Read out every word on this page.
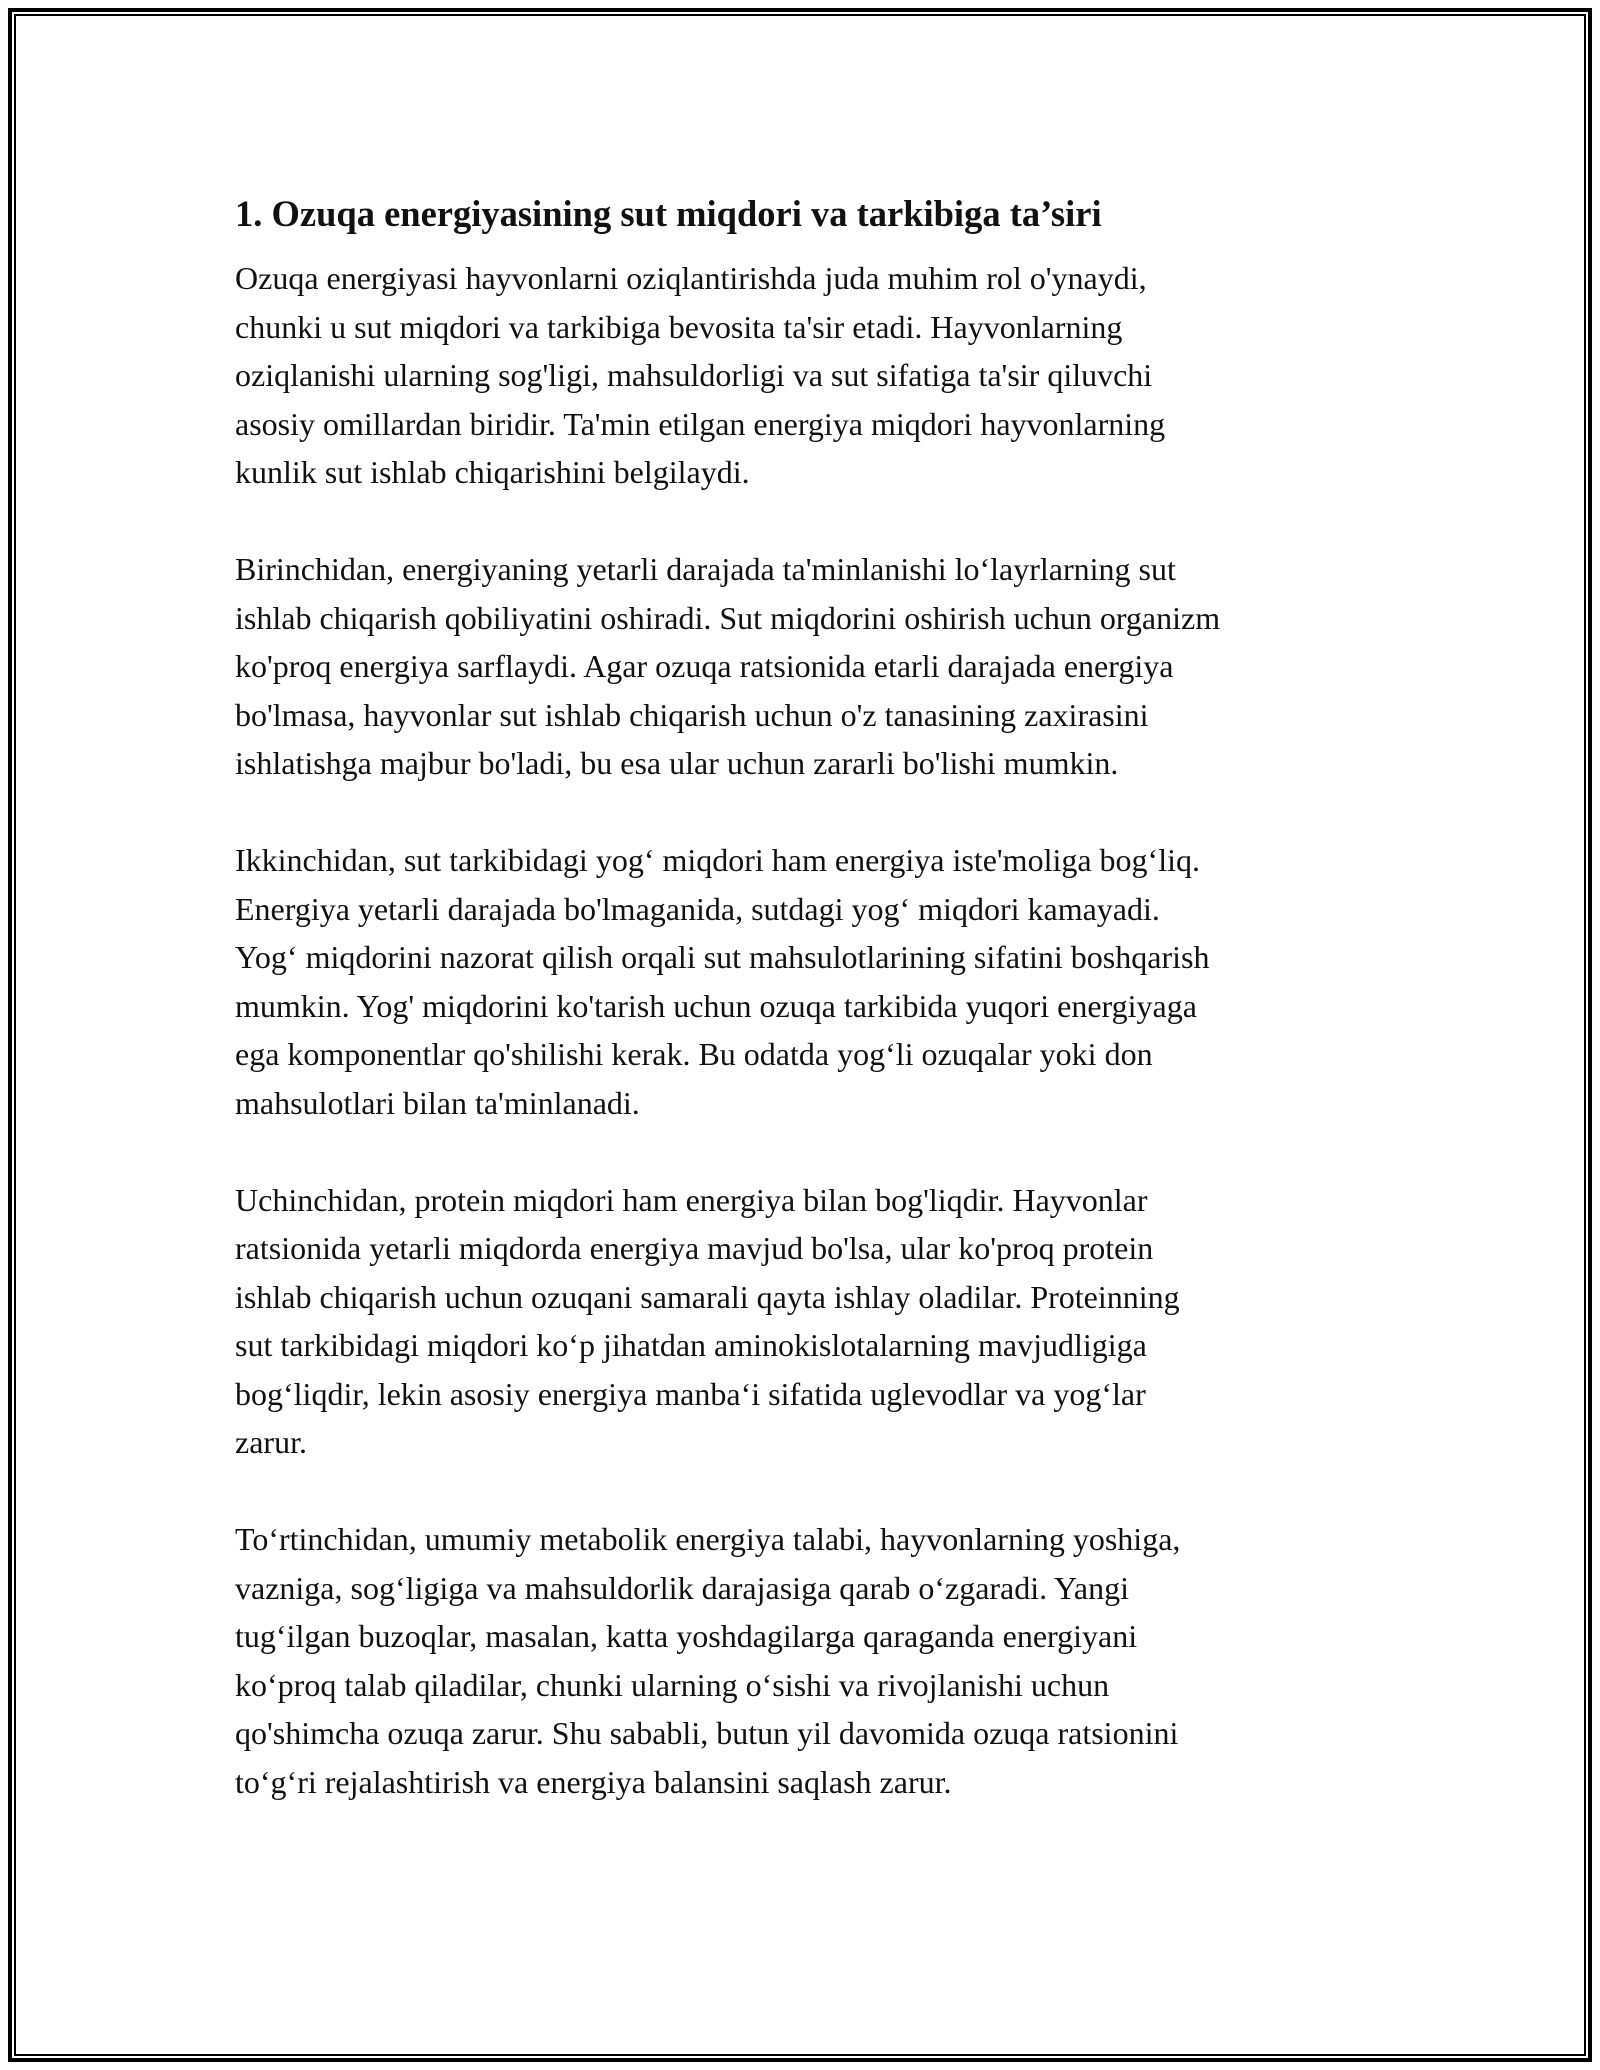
1. Ozuqa energiyasining sut miqdori va tarkibiga ta’siri

Ozuqa energiyasi hayvonlarni oziqlantirishda juda muhim rol o'ynaydi,
chunki u sut miqdori va tarkibiga bevosita ta'sir etadi. Hayvonlarning
oziqlanishi ularning sog'ligi, mahsuldorligi va sut sifatiga ta'sir qiluvchi
asosiy omillardan biridir. Ta'min etilgan energiya miqdori hayvonlarning
kunlik sut ishlab chiqarishini belgilaydi.

Birinchidan, energiyaning yetarli darajada ta'minlanishi lo‘layrlarning sut
ishlab chiqarish qobiliyatini oshiradi. Sut miqdorini oshirish uchun organizm
ko'proq energiya sarflaydi. Agar ozuqa ratsionida etarli darajada energiya
bo'lmasa, hayvonlar sut ishlab chiqarish uchun o'z tanasining zaxirasini
ishlatishga majbur bo'ladi, bu esa ular uchun zararli bo'lishi mumkin.

Ikkinchidan, sut tarkibidagi yog‘ miqdori ham energiya iste'moliga bog‘liq.
Energiya yetarli darajada bo'lmaganida, sutdagi yog‘ miqdori kamayadi.
Yog‘ miqdorini nazorat qilish orqali sut mahsulotlarining sifatini boshqarish
mumkin. Yog' miqdorini ko'tarish uchun ozuqa tarkibida yuqori energiyaga
ega komponentlar qo'shilishi kerak. Bu odatda yog‘li ozuqalar yoki don
mahsulotlari bilan ta'minlanadi.

Uchinchidan, protein miqdori ham energiya bilan bog'liqdir. Hayvonlar
ratsionida yetarli miqdorda energiya mavjud bo'lsa, ular ko'proq protein
ishlab chiqarish uchun ozuqani samarali qayta ishlay oladilar. Proteinning
sut tarkibidagi miqdori ko‘p jihatdan aminokislotalarning mavjudligiga
bog‘liqdir, lekin asosiy energiya manba‘i sifatida uglevodlar va yog‘lar
zarur.

To‘rtinchidan, umumiy metabolik energiya talabi, hayvonlarning yoshiga,
vazniga, sog‘ligiga va mahsuldorlik darajasiga qarab o‘zgaradi. Yangi
tug‘ilgan buzoqlar, masalan, katta yoshdagilarga qaraganda energiyani
ko‘proq talab qiladilar, chunki ularning o‘sishi va rivojlanishi uchun
qo'shimcha ozuqa zarur. Shu sababli, butun yil davomida ozuqa ratsionini
to‘g‘ri rejalashtirish va energiya balansini saqlash zarur.
